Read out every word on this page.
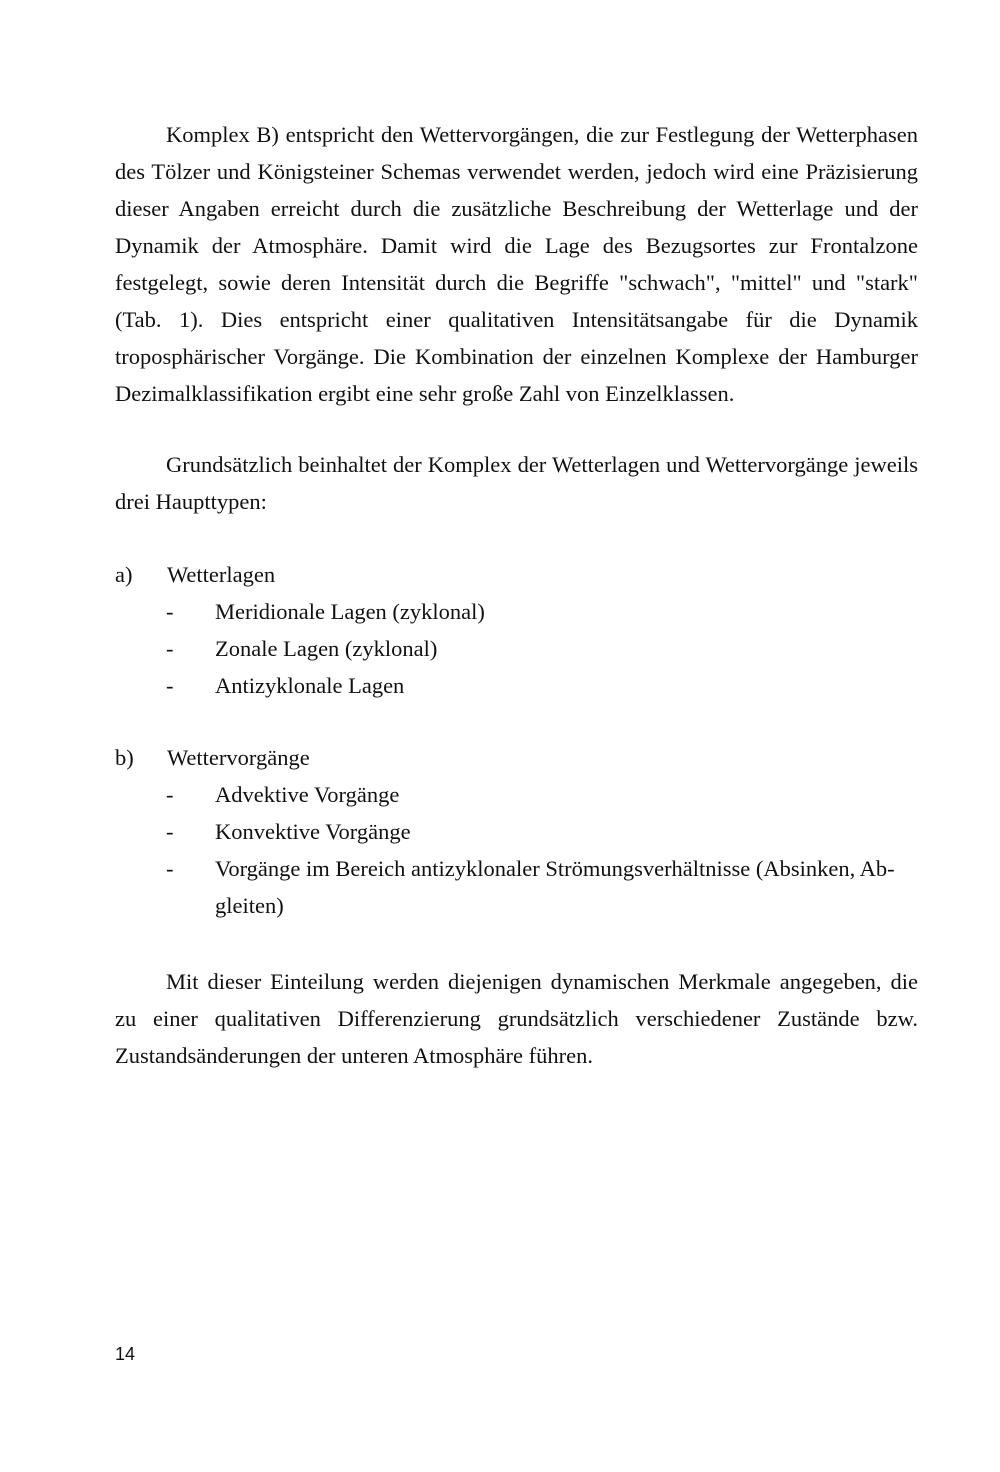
Komplex B) entspricht den Wettervorgängen, die zur Festlegung der Wetterphasen des Tölzer und Königsteiner Schemas verwendet werden, jedoch wird eine Präzisierung dieser Angaben erreicht durch die zusätzliche Beschreibung der Wetterlage und der Dynamik der Atmosphäre. Damit wird die Lage des Bezugsortes zur Frontalzone festgelegt, sowie deren Intensität durch die Begriffe "schwach", "mittel" und "stark" (Tab. 1). Dies entspricht einer qualitativen Intensitätsangabe für die Dynamik troposphärischer Vorgänge. Die Kombination der einzelnen Komplexe der Hamburger Dezimalklassifikation ergibt eine sehr große Zahl von Einzelklassen.

Grundsätzlich beinhaltet der Komplex der Wetterlagen und Wettervorgänge jeweils drei Haupttypen:

a) Wetterlagen
- Meridionale Lagen (zyklonal)
- Zonale Lagen (zyklonal)
- Antizyklonale Lagen
b) Wettervorgänge
- Advektive Vorgänge
- Konvektive Vorgänge
- Vorgänge im Bereich antizyklonaler Strömungsverhältnisse (Absinken, Abgleiten)

Mit dieser Einteilung werden diejenigen dynamischen Merkmale angegeben, die zu einer qualitativen Differenzierung grundsätzlich verschiedener Zustände bzw. Zustandsänderungen der unteren Atmosphäre führen.

14
